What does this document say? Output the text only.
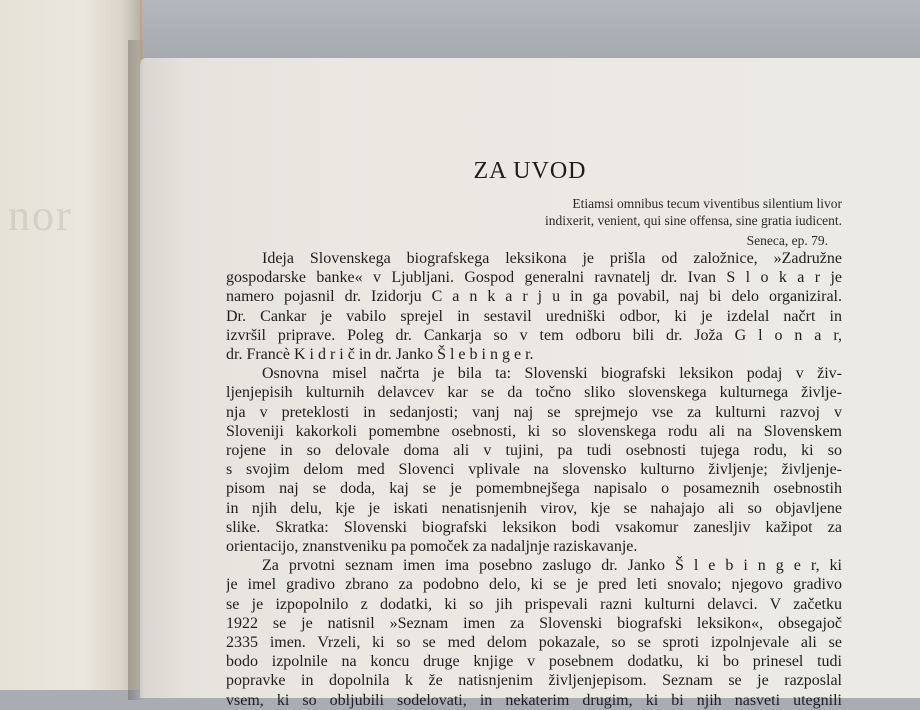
nor
ZA UVOD
Etiamsi omnibus tecum viventibus silentium livor
indixerit, venient, qui sine offensa, sine gratia iudicent.
Seneca, ep. 79.

Ideja Slovenskega biografskega leksikona je prišla od založnice, »Zadružne
gospodarske banke« v Ljubljani. Gospod generalni ravnatelj dr. Ivan S l o k a r je
namero pojasnil dr. Izidorju C a n k a r j u in ga povabil, naj bi delo organiziral.
Dr. Cankar je vabilo sprejel in sestavil uredniški odbor, ki je izdelal načrt in
izvršil priprave. Poleg dr. Cankarja so v tem odboru bili dr. Joža G l o n a r,
dr. Francè K i d r i č in dr. Janko Š l e b i n g e r.

Osnovna misel načrta je bila ta: Slovenski biografski leksikon podaj v živ-
ljenjepisih kulturnih delavcev kar se da točno sliko slovenskega kulturnega življe-
nja v preteklosti in sedanjosti; vanj naj se sprejmejo vse za kulturni razvoj v
Sloveniji kakorkoli pomembne osebnosti, ki so slovenskega rodu ali na Slovenskem
rojene in so delovale doma ali v tujini, pa tudi osebnosti tujega rodu, ki so
s svojim delom med Slovenci vplivale na slovensko kulturno življenje; življenje-
pisom naj se doda, kaj se je pomembnejšega napisalo o posameznih osebnostih
in njih delu, kje je iskati nenatisnjenih virov, kje se nahajajo ali so objavljene
slike. Skratka: Slovenski biografski leksikon bodi vsakomur zanesljiv kažipot za
orientacijo, znanstveniku pa pomoček za nadaljnje raziskavanje.

Za prvotni seznam imen ima posebno zaslugo dr. Janko Š l e b i n g e r, ki
je imel gradivo zbrano za podobno delo, ki se je pred leti snovalo; njegovo gradivo
se je izpopolnilo z dodatki, ki so jih prispevali razni kulturni delavci. V začetku
1922 se je natisnil »Seznam imen za Slovenski biografski leksikon«, obsegajoč
2335 imen. Vrzeli, ki so se med delom pokazale, so se sproti izpolnjevale ali se
bodo izpolnile na koncu druge knjige v posebnem dodatku, ki bo prinesel tudi
popravke in dopolnila k že natisnjenim življenjepisom. Seznam se je razposlal
vsem, ki so obljubili sodelovati, in nekaterim drugim, ki bi njih nasveti utegnili
